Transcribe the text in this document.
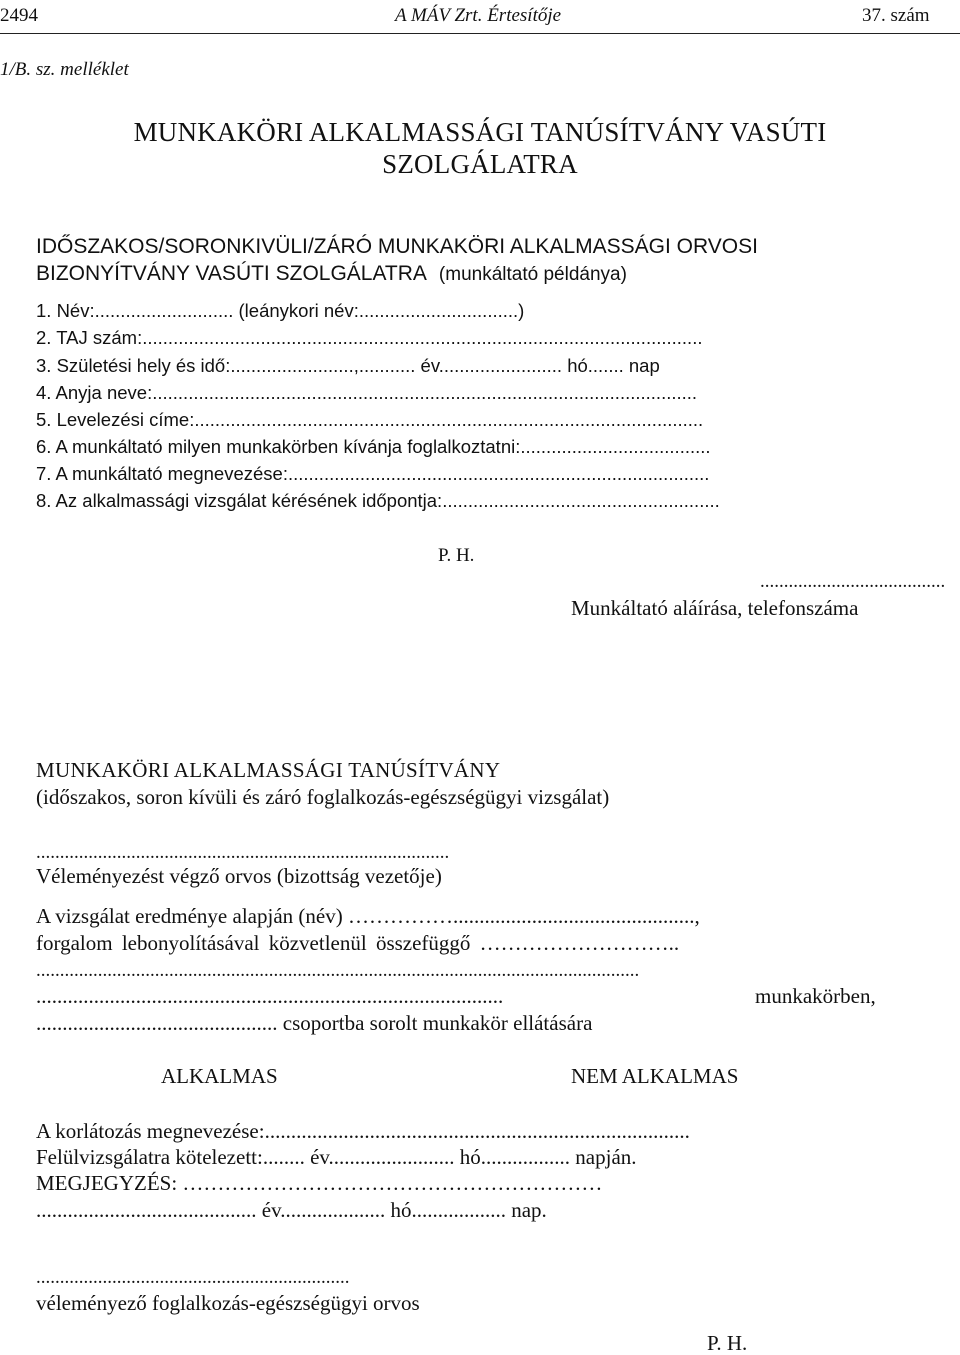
2494	A MÁV Zrt. Értesítője	37. szám
1/B. sz. melléklet
MUNKAKÖRI ALKALMASSÁGI TANÚSÍTVÁNY VASÚTI
SZOLGÁLATRA
IDŐSZAKOS/SORONKIVÜLI/ZÁRÓ MUNKAKÖRI ALKALMASSÁGI ORVOSI
BIZONYÍTVÁNY VASÚTI SZOLGÁLATRA (munkáltató példánya)
1. Név:........................... (leánykori név:...............................)
2. TAJ szám:.............................................................................................................
3. Születési hely és idő:........................,........... év........................ hó....... nap
4. Anyja neve:..........................................................................................................
5. Levelezési címe:...................................................................................................
6. A munkáltató milyen munkakörben kívánja foglalkoztatni:.....................................
7. A munkáltató megnevezése:..................................................................................
8. Az alkalmassági vizsgálat kérésének időpontja:......................................................
P. H.
.......................................
Munkáltató aláírása, telefonszáma
MUNKAKÖRI ALKALMASSÁGI TANÚSÍTVÁNY
(időszakos, soron kívüli és záró foglalkozás-egészségügyi vizsgálat)
.......................................................................................
Véleményezést végző orvos (bizottság vezetője)
A vizsgálat eredménye alapján (név) ……………..............................................,
forgalom lebonyolításával közvetlenül összefüggő ………………………..
...............................................................................................................................
.........................................................................................	munkakörben,
.............................................. csoportba sorolt munkakör ellátására
ALKALMAS	NEM ALKALMAS
A korlátozás megnevezése:.................................................................................
Felülvizsgálatra kötelezett:........ év........................ hó................. napján.
MEGJEGYZÉS: ……………………………………………………
.......................................... év.................... hó.................. nap.
..................................................................
véleményező foglalkozás-egészségügyi orvos
P. H.
